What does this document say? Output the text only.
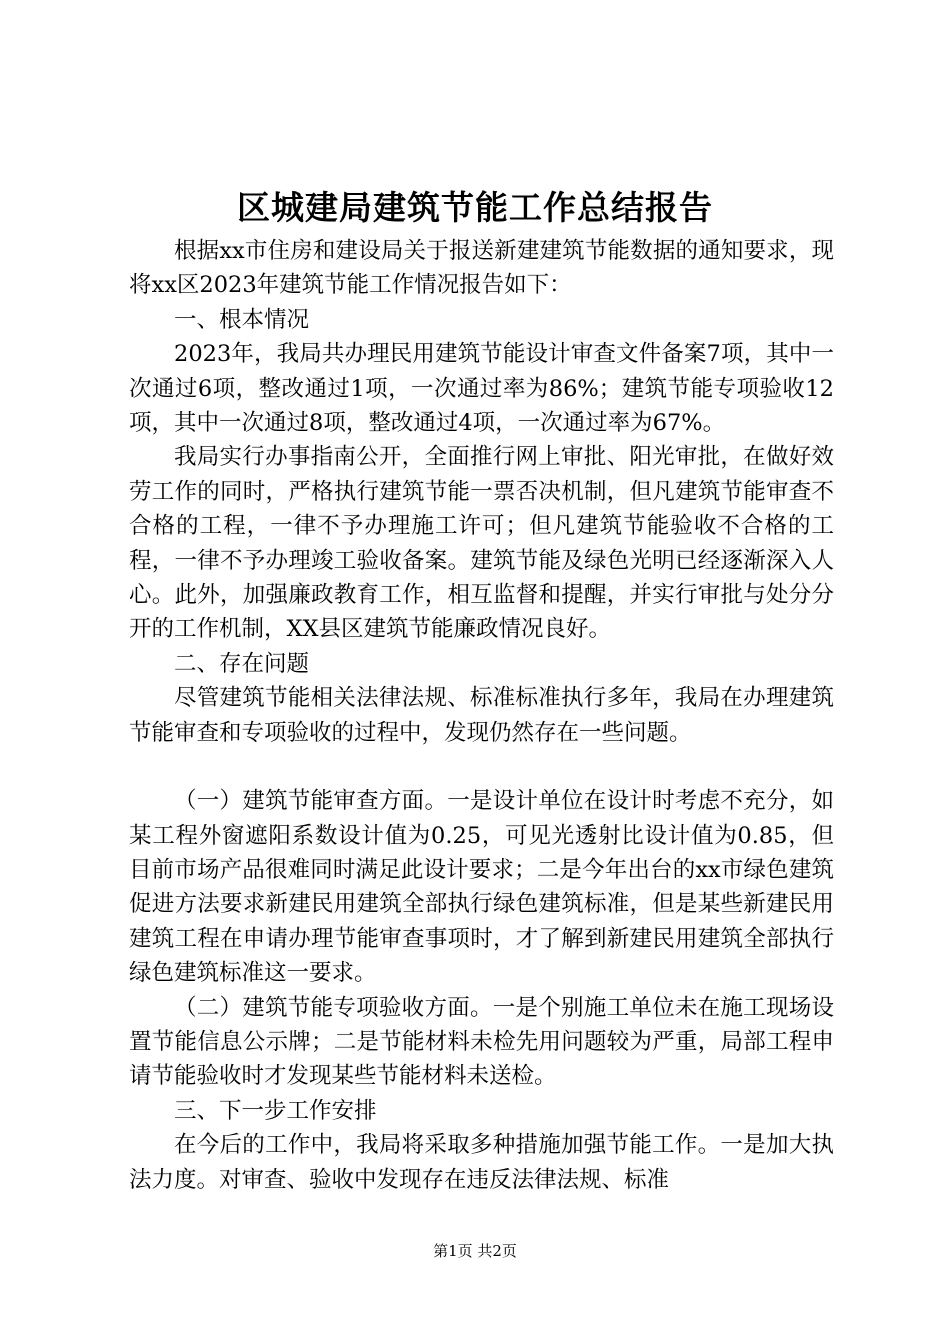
区城建局建筑节能工作总结报告

根据xx市住房和建设局关于报送新建建筑节能数据的通知要求，现将xx区2023年建筑节能工作情况报告如下：

一、根本情况

2023年，我局共办理民用建筑节能设计审查文件备案7项，其中一次通过6项，整改通过1项，一次通过率为86%；建筑节能专项验收12项，其中一次通过8项，整改通过4项，一次通过率为67%。

我局实行办事指南公开，全面推行网上审批、阳光审批，在做好效劳工作的同时，严格执行建筑节能一票否决机制，但凡建筑节能审查不合格的工程，一律不予办理施工许可；但凡建筑节能验收不合格的工程，一律不予办理竣工验收备案。建筑节能及绿色光明已经逐渐深入人心。此外，加强廉政教育工作，相互监督和提醒，并实行审批与处分分开的工作机制，XX县区建筑节能廉政情况良好。

二、存在问题

尽管建筑节能相关法律法规、标准标准执行多年，我局在办理建筑节能审查和专项验收的过程中，发现仍然存在一些问题。

（一）建筑节能审查方面。一是设计单位在设计时考虑不充分，如某工程外窗遮阳系数设计值为0.25，可见光透射比设计值为0.85，但目前市场产品很难同时满足此设计要求；二是今年出台的xx市绿色建筑促进方法要求新建民用建筑全部执行绿色建筑标准，但是某些新建民用建筑工程在申请办理节能审查事项时，才了解到新建民用建筑全部执行绿色建筑标准这一要求。

（二）建筑节能专项验收方面。一是个别施工单位未在施工现场设置节能信息公示牌；二是节能材料未检先用问题较为严重，局部工程申请节能验收时才发现某些节能材料未送检。

三、下一步工作安排

在今后的工作中，我局将采取多种措施加强节能工作。一是加大执法力度。对审查、验收中发现存在违反法律法规、标准

第1页 共2页
